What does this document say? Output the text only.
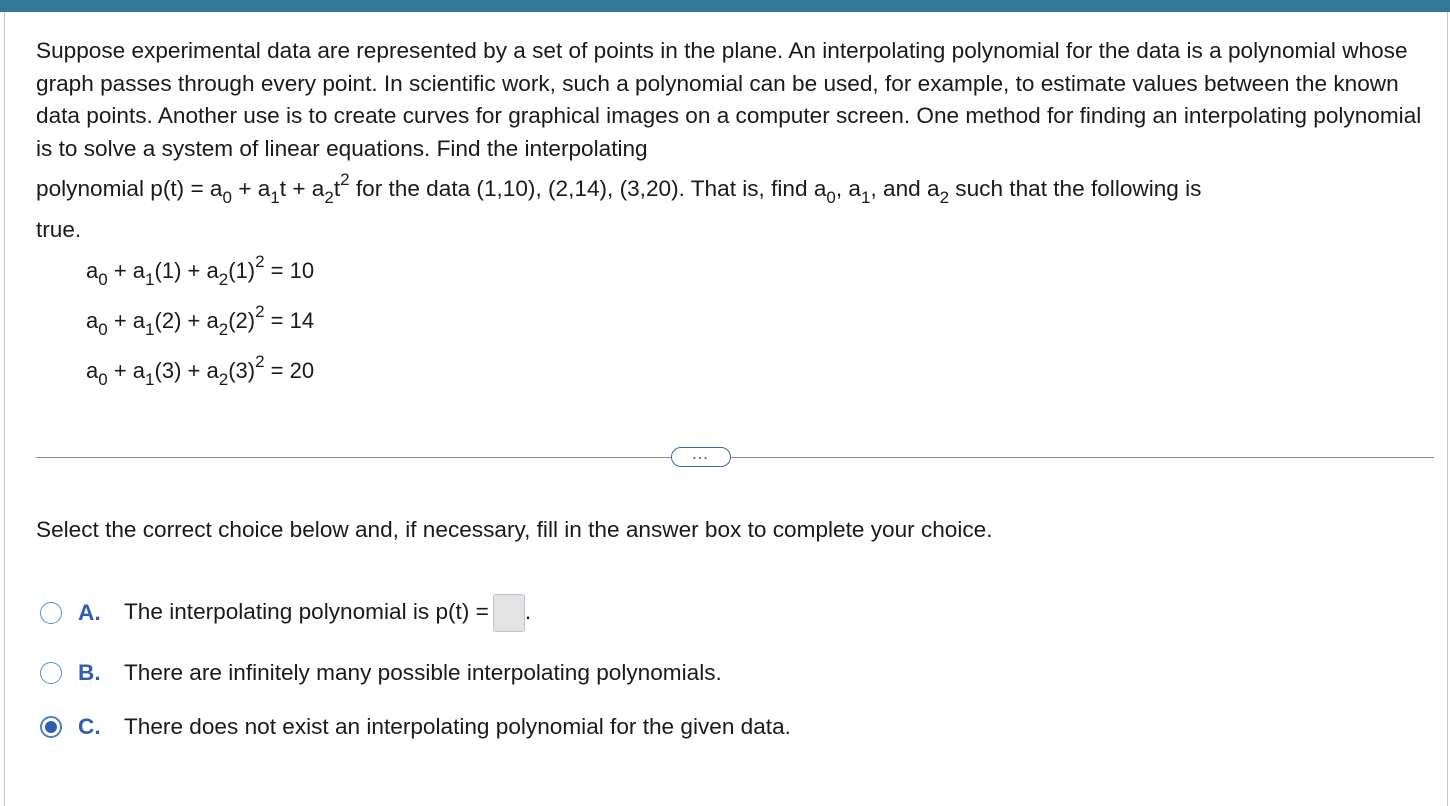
Suppose experimental data are represented by a set of points in the plane. An interpolating polynomial for the data is a polynomial whose graph passes through every point. In scientific work, such a polynomial can be used, for example, to estimate values between the known data points. Another use is to create curves for graphical images on a computer screen. One method for finding an interpolating polynomial is to solve a system of linear equations. Find the interpolating

polynomial $p(t) = a_0 + a_1t + a_2t^2$ for the data (1,10), (2,14), (3,20). That is, find $a_0$, $a_1$, and $a_2$ such that the following is

true.

$a_0 + a_1(1) + a_2(1)^2 = 10$
$a_0 + a_1(2) + a_2(2)^2 = 14$
$a_0 + a_1(3) + a_2(3)^2 = 20$
...
Select the correct choice below and, if necessary, fill in the answer box to complete your choice.
A.	The interpolating polynomial is p(t) = .
B.	There are infinitely many possible interpolating polynomials.
C.	There does not exist an interpolating polynomial for the given data.
